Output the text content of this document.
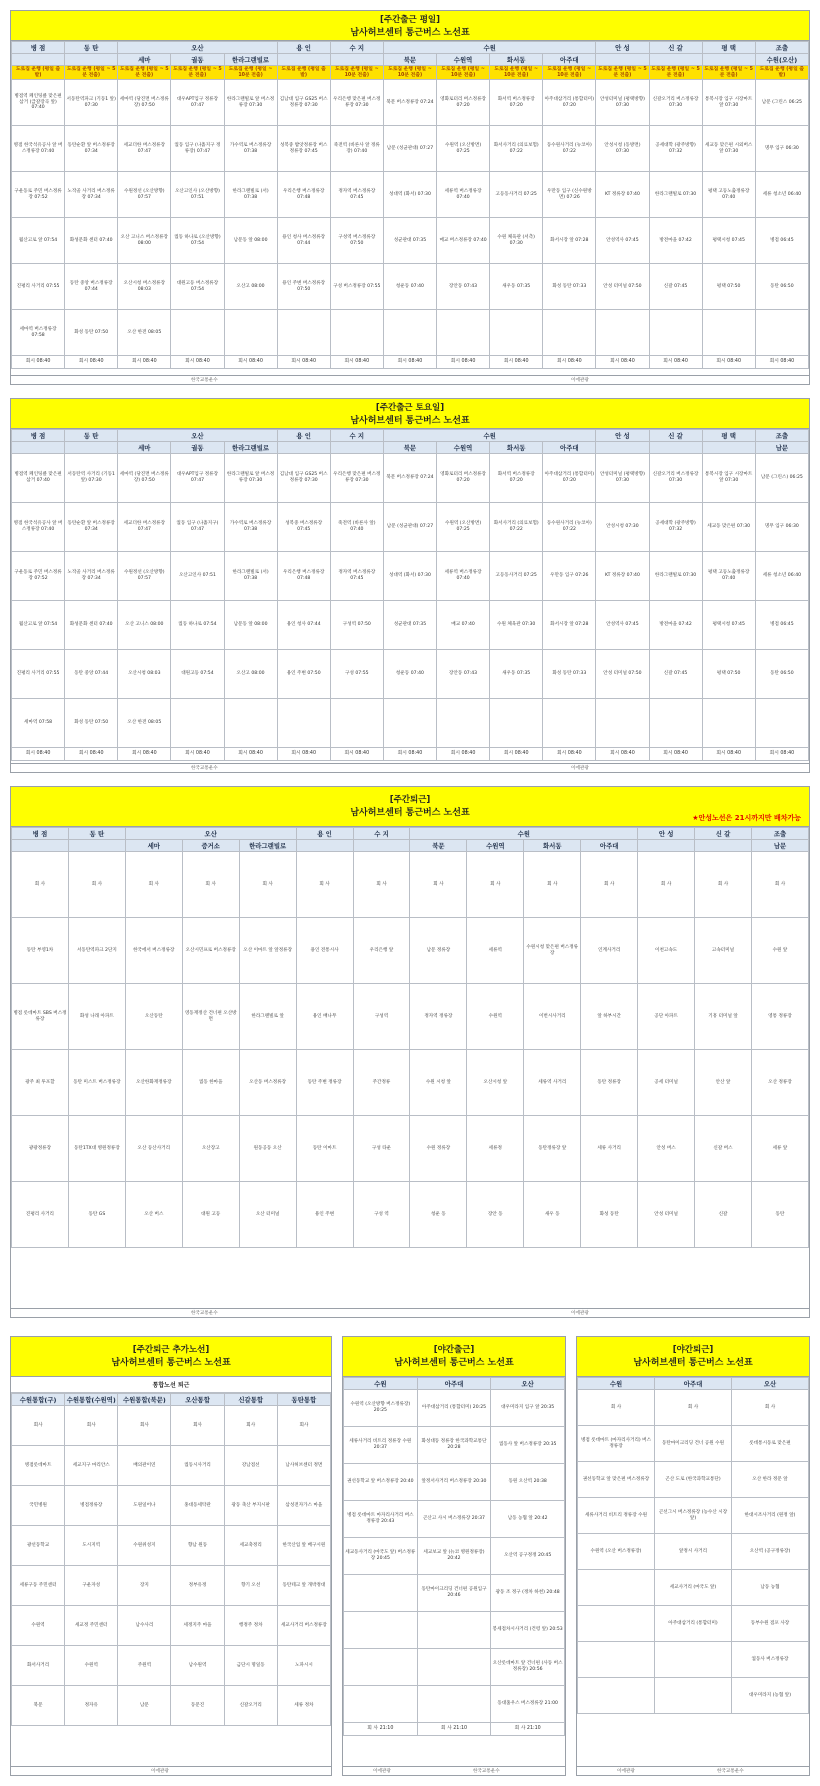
[주간출근 평일]
남사허브센터 통근버스 노선표
병 점	동 탄	오산			용 인	수 지	수원				안 성	신 갈	평 택	조출
		세마	궐동	한라그랜빌로			북문	수원역	화서동	아주대				수원(오산)
도로집 운행 (평일 출발)	도로집 운행 (평일 ~ 5분 전출)	도로집 운행 (평일 ~ 5분 전출)	도로집 운행 (평일 ~ 5분 전출)	도로집 운행 (평일 ~ 10분 전출)	도로집 운행 (평일 출발)	도로집 운행 (평일 ~ 10분 전출)	도로집 운행 (평일 ~ 10분 전출)	도로집 운행 (평일 ~ 10분 전출)	도로집 운행 (평일 ~ 10분 전출)	도로집 운행 (평일 ~ 10분 전출)	도로집 운행 (평일 ~ 5분 전출)	도로집 운행 (평일 ~ 5분 전출)	도로집 운행 (평일 ~ 5분 전출)	도로집 운행 (평일 출발)
병점역 페인팅클 맞은편 삼거 (급갈장곡 앞) 07:40	서동탄역파크 (기동1 앞) 07:30	세마역 (당진면 버스정류장) 07:50	대우APT입구 정류장 07:47	한라그랜빌로 앞 버스정류장 07:30	김남대 입구 GS25 버스정류장 07:30	우리은행 맞은편 버스정류장 07:30	북문 버스정류장 07:24	영화로터리 버스정류장 07:20	화서역 버스정류장 07:20	아주대삼거리 (통합터미) 07:20	안성터미널 (평택방향) 07:30	신갈오거리 버스정류장 07:30	통복시장 입구 시장마트 앞 07:30	남문 (그린스 06:25
병점 한국석유공사 앞 버스정류장 07:40	동탄순환 앞 버스정류장 07:34	세교더한 버스정류장 07:47	궐동 입구 (나흙지구 정류장) 07:47	가수역로 버스정류장 07:38	성복중 밥앗정류장 버스정류장 07:45	죽전역 (바른사 앞 정류장) 07:40	남문 (성균관대) 07:27	수원역 (오산방면) 07:25	화서사거리 (의료보험) 07:22	동수원사거리 (뉴코아) 07:22	안성시청 (동방면) 07:30	공세대학 (광주방향) 07:32	세교동 맞은편 시외버스 앞 07:30	명무 입구 06:30
구운동로 주민 버스정류장 07:52	노작골 사거리 버스정류장 07:34	수원정선 (오산방향) 07:57	오산고인사 (오산방향) 07:51	한라그랜빌로 (서) 07:38	우리은행 버스정류장 07:48	정자역 버스정류장 07:45	성대역 (화서) 07:30	세류역 버스정류장 07:40	고등동사거리 07:25	우만동 입구 (신수원방면) 07:26	KT 정류장 07:40	한라그랜빌로 07:30	평택 고등노출정류장 07:40	세류 청소년 06:40
월산고로 앞 07:54	화성문화 센터 07:40	오산 고니스 버스정류장 08:00	궐동 하나로 (오산방향) 07:54	남문동 앞 08:00	용인 청사 버스정류장 07:44	구성역 버스정류장 07:50	성균관대 07:35	매교 버스정류장 07:40	수원 체육관 (서측) 07:30	화서시장 앞 07:28	안성역사 07:45	방전마을 07:42	평택시청 07:45	병점 06:45
진평리 사거리 07:55	동탄 중앙 버스정류장 07:44	오산시청 버스정류장 08:03	대원고등 버스정류장 07:54	오산고 08:00	용인 주변 버스정류장 07:50	구성 버스정류장 07:55	청운동 07:40	장안동 07:43	새우동 07:35	화성 동탄 07:33	안성 터미널 07:50	신갈 07:45	평택 07:50	동탄 06:50
세마역 버스정류장 07:58	화성 동탄 07:50	오산 한전 08:05												
회시 08:40	회시 08:40	회시 08:40	회시 08:40	회시 08:40	회시 08:40	회시 08:40	회시 08:40	회시 08:40	회시 08:40	회시 08:40	회시 08:40	회시 08:40	회시 08:40	회시 08:40
한국교통운수	이에관광
[주간출근 토요일]
남사허브센터 통근버스 노선표
병 점	동 탄	오산			용 인	수 지	수원				안 성	신 갈	평 택	조출
		세마	궐동	한라그랜빌로			북문	수원역	화서동	아주대				남문
병점역 페인팅클 맞은편 삼거 07:40	서동탄역 사거리 (기동1 앞) 07:30	세마역 (당진면 버스정류장) 07:50	대우APT입구 정류장 07:47	한라그랜빌로 앞 버스정류장 07:30	김남대 입구 GS25 버스정류장 07:30	우리은행 맞은편 버스정류장 07:30	북문 버스정류장 07:24	영화로터리 버스정류장 07:20	화서역 버스정류장 07:20	아주대삼거리 (통합터미) 07:20	안성터미널 (평택방향) 07:30	신갈오거리 버스정류장 07:30	통복시장 입구 시장마트 앞 07:30	남문 (그린스) 06:25
병점 한국석유공사 앞 버스정류장 07:40	동탄순환 앞 버스정류장 07:34	세교더한 버스정류장 07:47	궐동 입구 (나흙지구) 07:47	가수역로 버스정류장 07:38	성복중 버스정류장 07:45	죽전역 (바른사 앞) 07:40	남문 (성균관대) 07:27	수원역 (오산방면) 07:25	화서사거리 (의료보험) 07:22	동수원사거리 (뉴코아) 07:22	안성시청 07:30	공세대학 (광주방향) 07:32	세교동 맞은편 07:30	명무 입구 06:30
구운동로 주민 버스정류장 07:52	노작골 사거리 버스정류장 07:34	수원정선 (오산방향) 07:57	오산고인사 07:51	한라그랜빌로 (서) 07:38	우리은행 버스정류장 07:48	정자역 버스정류장 07:45	성대역 (화서) 07:30	세류역 버스정류장 07:40	고등동사거리 07:25	우만동 입구 07:26	KT 정류장 07:40	한라그랜빌로 07:30	평택 고등노출정류장 07:40	세류 청소년 06:40
월산고로 앞 07:54	화성문화 센터 07:40	오산 고니스 08:00	궐동 하나로 07:54	남문동 앞 08:00	용인 청사 07:44	구성역 07:50	성균관대 07:35	매교 07:40	수원 체육관 07:30	화서시장 앞 07:28	안성역사 07:45	방전마을 07:42	평택시청 07:45	병점 06:45
진평리 사거리 07:55	동탄 중앙 07:44	오산시청 08:03	대원고등 07:54	오산고 08:00	용인 주변 07:50	구성 07:55	청운동 07:40	장안동 07:43	새우동 07:35	화성 동탄 07:33	안성 터미널 07:50	신갈 07:45	평택 07:50	동탄 06:50
세마역 07:58	화성 동탄 07:50	오산 한전 08:05												
회시 08:40	회시 08:40	회시 08:40	회시 08:40	회시 08:40	회시 08:40	회시 08:40	회시 08:40	회시 08:40	회시 08:40	회시 08:40	회시 08:40	회시 08:40	회시 08:40	회시 08:40
한국교통운수	이에관광
[주간퇴근]
남사허브센터 통근버스 노선표	★안성노선은 21시까지만 배차가능
병 점	동 탄	오산			용 인	수 지	수원				안 성	신 갈	조출
		세마	증거소	한라그랜빌로			북문	수원역	화서동	아주대			남문
회 사	회 사	회 사	회 사	회 사	회 사	회 사	회 사	회 사	회 사	회 사	회 사	회 사	회 사
동탄 부영1차	서동탄역파크 2단지	한국에서 버스정류장	오산시민프로 버스정류장	오산 이마트 앞 앞정류장	용인 전통시사	우리은행 앞	남문 정류장	세류역	수원시청 맞은편 버스정류장	인계사거리	이천고속도	고속터미널	수원 앞
병점 롯데마트 SBS 버스정류장	화성 나래 아파트	오산동탄	영동재정산 건너편 오산방면	한라그랜빌로 앞	용인 배나무	구성역	정자역 정류장	수원역	이번시사거리	앞 하부시간	공단 아파트	기흥 터미널 앞	영통 정류장
광주 최 투포할	동탄 미스트 버스정류장	오산한화재정류장	궐동 한마을	오산동 버스정류장	동탄 주변 정류장	주간정류	수원 시청 앞	오산시청 앞	세류역 사거리	동탄 정류장	공세 터미널	안산 앞	오산 정류장
광광정류장	동탄1TX대 병원정류장	오산 등산사거리	오산장고	원동공동 오산	동탄 이마트	구성 타운	수원 정류장	세류정	동탄정류장 앞	세류 사거리	안성 버스	신갈 버스	세류 앞
진평리 사거리	동탄 GS	오산 버스	대원 고등	오산 터미널	용인 주변	구성 역	청운 동	장안 동	새우 동	화성 동탄	안성 터미널	신갈	동탄
한국교통운수	이에관광
[주간퇴근 추가노선]
남사허브센터 통근버스 노선표
통합노선 퇴근
수원통합(구)	수원통합(수원역)	수원통합(북문)	오산통합	신갈통합	동탄통합
회사	회사	회사	회사	회사	회사
병점롯데마트	세교지구 마리안스	배의관이연	궐동시사거리	강남점선	남사허브센터 정면
국민병원	병점정류장	도원일어나	홍대동세탁관	광동 축산 부지시판	삼성전자가스 마을
광선동학교	도시지역	수원위성지	향남 원동	세교축정리	한국산업 앞 배구시원
세류구동 주민센터	구운자성	장지	정부유정	향기 오선	동탄테크 앞 개박정대
수원역	세교정 주민센터	남수사리	세정지주 마을	행정주 정차	세교사거리 버스정류장
화서사거리	수원역	주원역	남수원역	금단시 명일동	노파시시
북문	정자유	남문	동문진	신갈오거리	세류 정차
이에관광
[야간출근]
남사허브센터 통근버스 노선표
수원	아주대	오산
수원역 (오산방향 버스정류장) 20:25	아주대삼거리 (통합터미) 20:25	대우미라지 입구 앞 20:35
세류사거리 비트리 정류장 수원 20:37	화성대동 정류장 한국과학교통단 20:28	궐동사 앞 버스정류장 20:35
권선동학교 앞 버스정류장 20:40	앞정서사거리 버스정류장 20:30	동원 오산역 20:38
병점 롯데마트 마자리사거리 버스정류장 20:43	곤산고 사시 버스정류장 20:37	남동 농협 앞 20:42
세교동사거리 (마국도 앞) 버스정류장 20:45	세교보교 앞 (뉴코 병원정류장) 20:42	오산역 공구정정 20:45
	동탄마이크리딩 건너편 공원입구 20:46	광동 조 정구 (정차 하천) 20:48
		봉세점차시사거리 (건령 앞) 20:53
		오산롯데마트 앞 건너편 (사동 버스정류장) 20:56
		동대홈우스 버스정류장 21:00
회 사 21:10	회 사 21:10	회 사 21:10
이에관광	한국교통운수
[야간퇴근]
남사허브센터 통근버스 노선표
수원	아주대	오산
회 사	회 사	회 사
병점 롯데마트 (마자리사거리) 버스정류장	동탄마이크리딩 건너 공원 수원	롯데통시동로 맞은편
권선동학교 앞 맞은편 버스정류장	곤산 도로 (한국과학교통단)	오산 한라 정문 앞
세류사거리 비트리 정류장 수원	곤선그시 버스정류장 (농수산 시장 앞)	한대시조사거리 (원정 앞)
수원역 (오산 버스정류장)	앞정시 사거리	오산역 (공구정류장)
	세교사거리 (마국도 앞)	남동 농협
	아주대삼거리 (통합터미)	동부수원 점포 사장
		궐동사 버스정류장
		대우미라지 (농협 앞)
이에관광	한국교통운수
